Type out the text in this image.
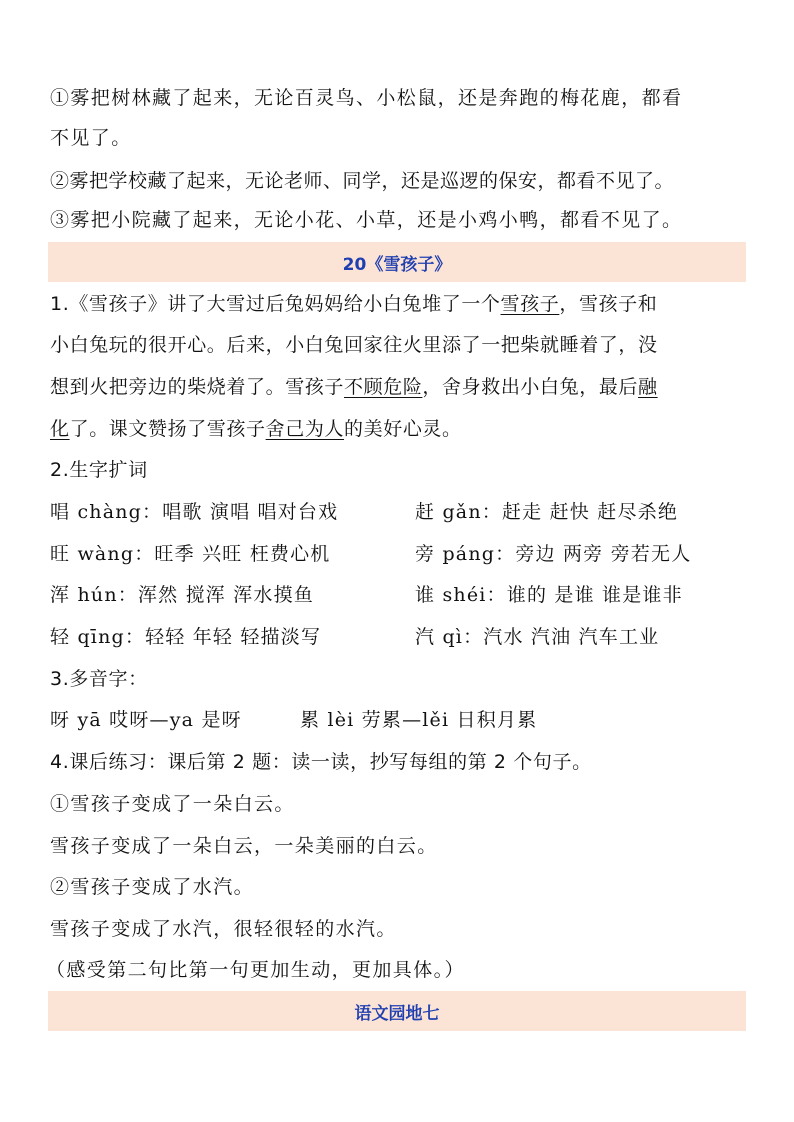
①雾把树林藏了起来，无论百灵鸟、小松鼠，还是奔跑的梅花鹿，都看
不见了。
②雾把学校藏了起来，无论老师、同学，还是巡逻的保安，都看不见了。
③雾把小院藏了起来，无论小花、小草，还是小鸡小鸭，都看不见了。
20《雪孩子》
1.《雪孩子》讲了大雪过后兔妈妈给小白兔堆了一个雪孩子，雪孩子和
小白兔玩的很开心。后来，小白兔回家往火里添了一把柴就睡着了，没
想到火把旁边的柴烧着了。雪孩子不顾危险，舍身救出小白兔，最后融
化了。课文赞扬了雪孩子舍己为人的美好心灵。
2.生字扩词
唱 chàng：唱歌 演唱 唱对台戏	赶 gǎn：赶走 赶快 赶尽杀绝
旺 wàng：旺季 兴旺 枉费心机	旁 páng：旁边 两旁 旁若无人
浑 hún：浑然 搅浑 浑水摸鱼	谁 shéi：谁的 是谁 谁是谁非
轻 qīng：轻轻 年轻 轻描淡写	汽 qì：汽水 汽油 汽车工业
3.多音字：
呀 yā 哎呀—ya 是呀	累 lèi 劳累—lěi 日积月累
4.课后练习：课后第 2 题：读一读，抄写每组的第 2 个句子。
①雪孩子变成了一朵白云。
雪孩子变成了一朵白云，一朵美丽的白云。
②雪孩子变成了水汽。
雪孩子变成了水汽，很轻很轻的水汽。
（感受第二句比第一句更加生动，更加具体。）
语文园地七
